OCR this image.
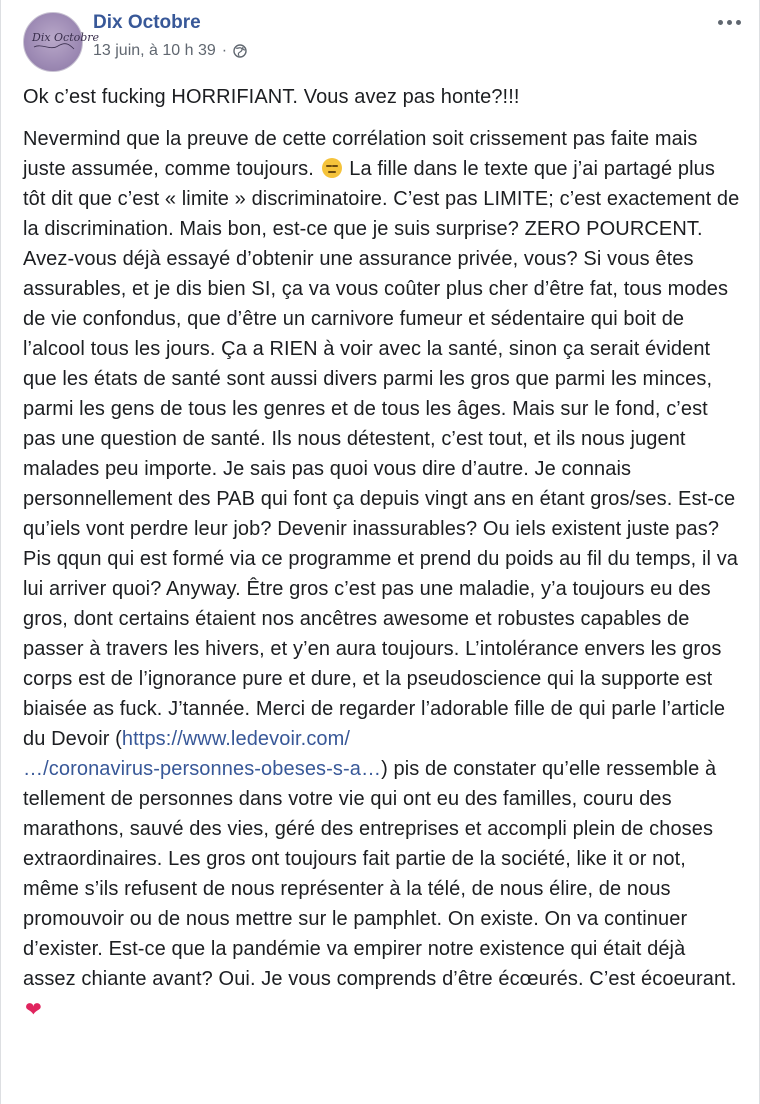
Dix Octobre
Dix Octobre
13 juin, à 10 h 39 ·

Ok c’est fucking HORRIFIANT. Vous avez pas honte?!!!

Nevermind que la preuve de cette corrélation soit crissement pas faite mais juste assumée, comme toujours.
La fille dans le texte que j’ai partagé plus tôt dit que c’est « limite » discriminatoire. C’est pas LIMITE; c’est exactement de la discrimination. Mais bon, est-ce que je suis surprise? ZERO POURCENT. Avez-vous déjà essayé d’obtenir une assurance privée, vous? Si vous êtes assurables, et je dis bien SI, ça va vous coûter plus cher d’être fat, tous modes de vie confondus, que d’être un carnivore fumeur et sédentaire qui boit de l’alcool tous les jours. Ça a RIEN à voir avec la santé, sinon ça serait évident que les états de santé sont aussi divers parmi les gros que parmi les minces, parmi les gens de tous les genres et de tous les âges. Mais sur le fond, c’est pas une question de santé. Ils nous détestent, c’est tout, et ils nous jugent malades peu importe. Je sais pas quoi vous dire d’autre. Je connais personnellement des PAB qui font ça depuis vingt ans en étant gros/ses. Est-ce qu’iels vont perdre leur job? Devenir inassurables? Ou iels existent juste pas? Pis qqun qui est formé via ce programme et prend du poids au fil du temps, il va lui arriver quoi? Anyway. Être gros c’est pas une maladie, y’a toujours eu des gros, dont certains étaient nos ancêtres awesome et robustes capables de passer à travers les hivers, et y’en aura toujours. L’intolérance envers les gros corps est de l’ignorance pure et dure, et la pseudoscience qui la supporte est biaisée as fuck. J’tannée. Merci de regarder l’adorable fille de qui parle l’article du Devoir (https://www.ledevoir.com/
…/coronavirus-personnes-obeses-s-a…) pis de constater qu’elle ressemble à tellement de personnes dans votre vie qui ont eu des familles, couru des marathons, sauvé des vies, géré des entreprises et accompli plein de choses extraordinaires. Les gros ont toujours fait partie de la société, like it or not, même s’ils refusent de nous représenter à la télé, de nous élire, de nous promouvoir ou de nous mettre sur le pamphlet. On existe. On va continuer d’exister. Est-ce que la pandémie va empirer notre existence qui était déjà assez chiante avant? Oui. Je vous comprends d’être écœurés. C’est écoeurant. ❤
